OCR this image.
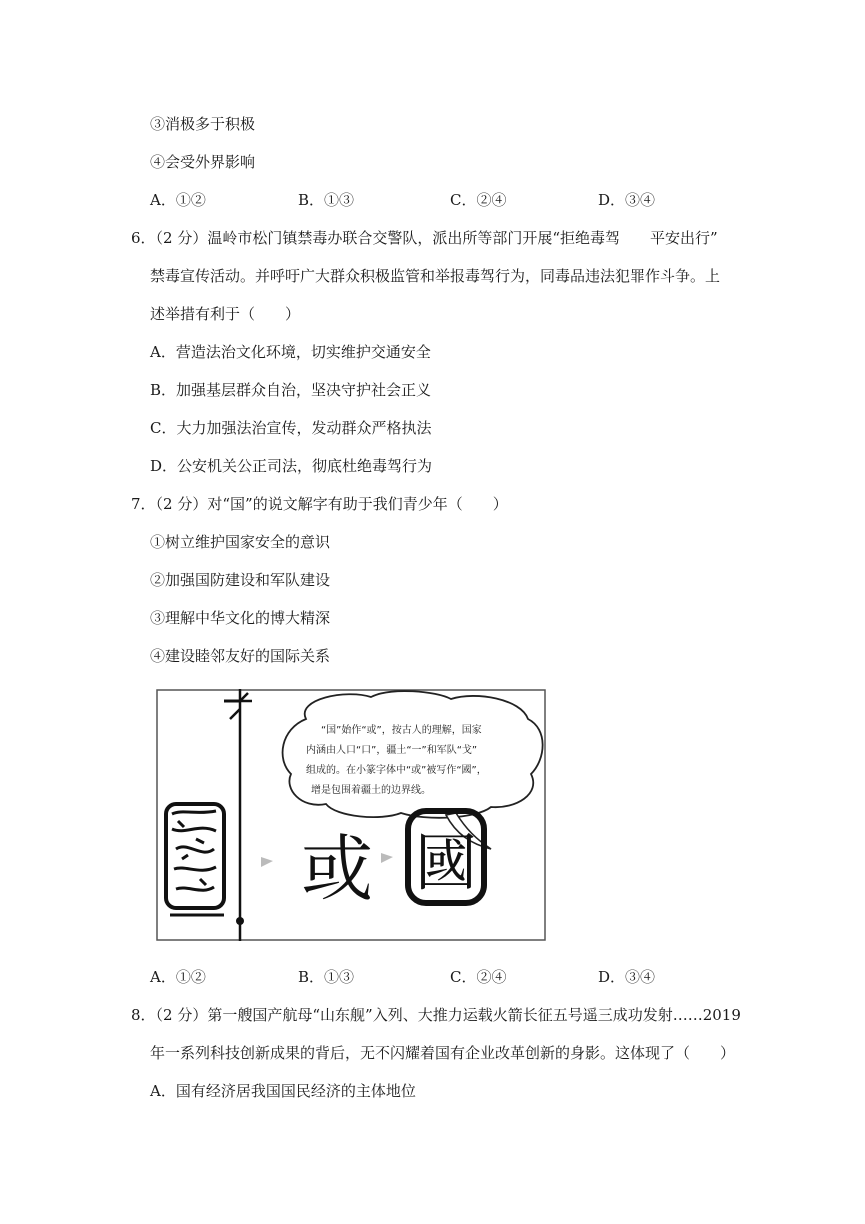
③消极多于积极
④会受外界影响
A．①②	B．①③	C．②④	D．③④
6．（2 分）温岭市松门镇禁毒办联合交警队，派出所等部门开展“拒绝毒驾　　平安出行”
禁毒宣传活动。并呼吁广大群众积极监管和举报毒驾行为，同毒品违法犯罪作斗争。上
述举措有利于（　　）
A．营造法治文化环境，切实维护交通安全
B．加强基层群众自治，坚决守护社会正义
C．大力加强法治宣传，发动群众严格执法
D．公安机关公正司法，彻底杜绝毒驾行为
7．（2 分）对“国”的说文解字有助于我们青少年（　　）
①树立维护国家安全的意识
②加强国防建设和军队建设
③理解中华文化的博大精深
④建设睦邻友好的国际关系
“国”始作“或”，按古人的理解，国家
内涵由人口“口”，疆土“一”和军队“戈”
组成的。在小篆字体中“或”被写作“國”，
增是包围着疆土的边界线。
或 國
A．①②	B．①③	C．②④	D．③④
8．（2 分）第一艘国产航母“山东舰”入列、大推力运载火箭长征五号遥三成功发射……2019
年一系列科技创新成果的背后，无不闪耀着国有企业改革创新的身影。这体现了（　　）
A．国有经济居我国国民经济的主体地位
